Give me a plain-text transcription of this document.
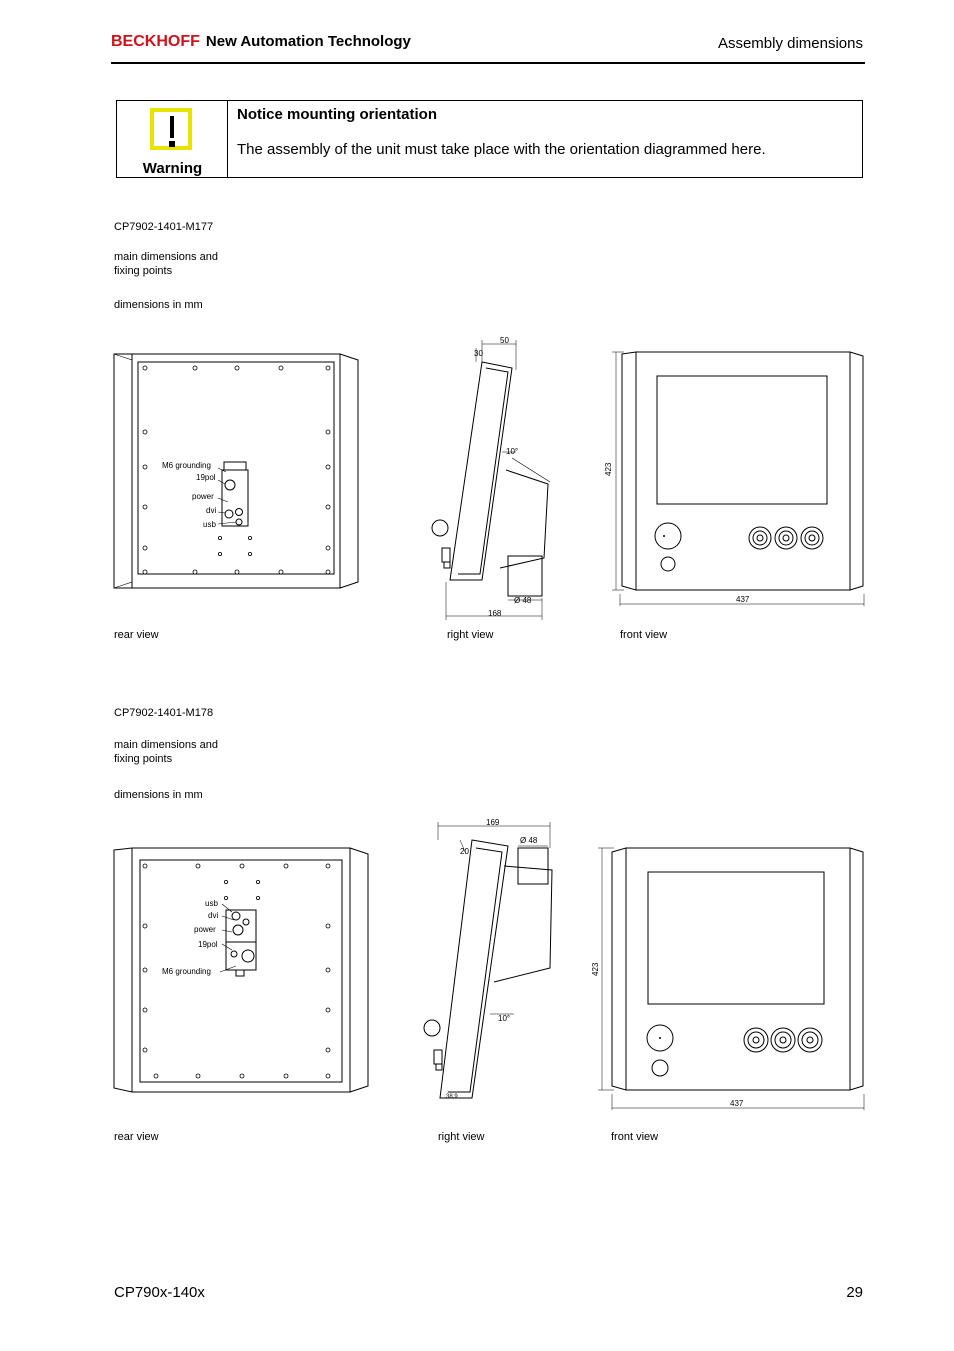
BECKHOFF New Automation Technology	Assembly dimensions
Warning
Notice mounting orientation
The assembly of the unit must take place with the orientation diagrammed here.
CP7902-1401-M177
main dimensions and
fixing points
dimensions in mm
M6 grounding
19pol
power
dvi
usb
50
30
10°
Ø 48
168
423
437
rear view	right view	front view
CP7902-1401-M178
main dimensions and
fixing points
dimensions in mm
usb
dvi
power
19pol
M6 grounding
169
Ø 48
20
10°
38,9
423
437
rear view	right view	front view
CP790x-140x	29
